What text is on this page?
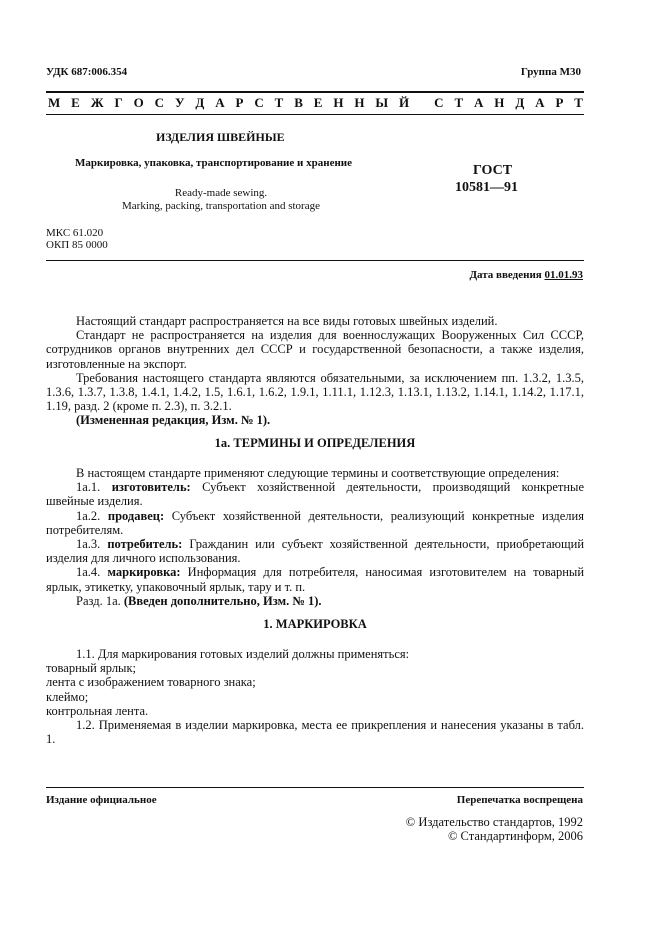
УДК 687:006.354	Группа М30
М Е Ж Г О С У Д А Р С Т В Е Н Н Ы Й
С Т А Н Д А Р Т
ИЗДЕЛИЯ ШВЕЙНЫЕ
Маркировка, упаковка, транспортирование и хранение
Ready-made sewing.
Marking, packing, transportation and storage
ГОСТ
10581—91
МКС 61.020
ОКП 85 0000
Дата введения 01.01.93

Настоящий стандарт распространяется на все виды готовых швейных изделий.

Стандарт не распространяется на изделия для военнослужащих Вооруженных Сил СССР, сотрудников органов внутренних дел СССР и государственной безопасности, а также изделия, изготовленные на экспорт.

Требования настоящего стандарта являются обязательными, за исключением пп. 1.3.2, 1.3.5, 1.3.6, 1.3.7, 1.3.8, 1.4.1, 1.4.2, 1.5, 1.6.1, 1.6.2, 1.9.1, 1.11.1, 1.12.3, 1.13.1, 1.13.2, 1.14.1, 1.14.2, 1.17.1, 1.19, разд. 2 (кроме п. 2.3), п. 3.2.1.

(Измененная редакция, Изм. № 1).

1а. ТЕРМИНЫ И ОПРЕДЕЛЕНИЯ

В настоящем стандарте применяют следующие термины и соответствующие определения:

1а.1. изготовитель: Субъект хозяйственной деятельности, производящий конкретные швейные изделия.

1а.2. продавец: Субъект хозяйственной деятельности, реализующий конкретные изделия потребителям.

1а.3. потребитель: Гражданин или субъект хозяйственной деятельности, приобретающий изделия для личного использования.

1а.4. маркировка: Информация для потребителя, наносимая изготовителем на товарный ярлык, этикетку, упаковочный ярлык, тару и т. п.

Разд. 1а. (Введен дополнительно, Изм. № 1).

1. МАРКИРОВКА

1.1. Для маркирования готовых изделий должны применяться:

товарный ярлык;

лента с изображением товарного знака;

клеймо;

контрольная лента.

1.2. Применяемая в изделии маркировка, места ее прикрепления и нанесения указаны в табл. 1.

Издание официальное	Перепечатка воспрещена
© Издательство стандартов, 1992
© Стандартинформ, 2006
